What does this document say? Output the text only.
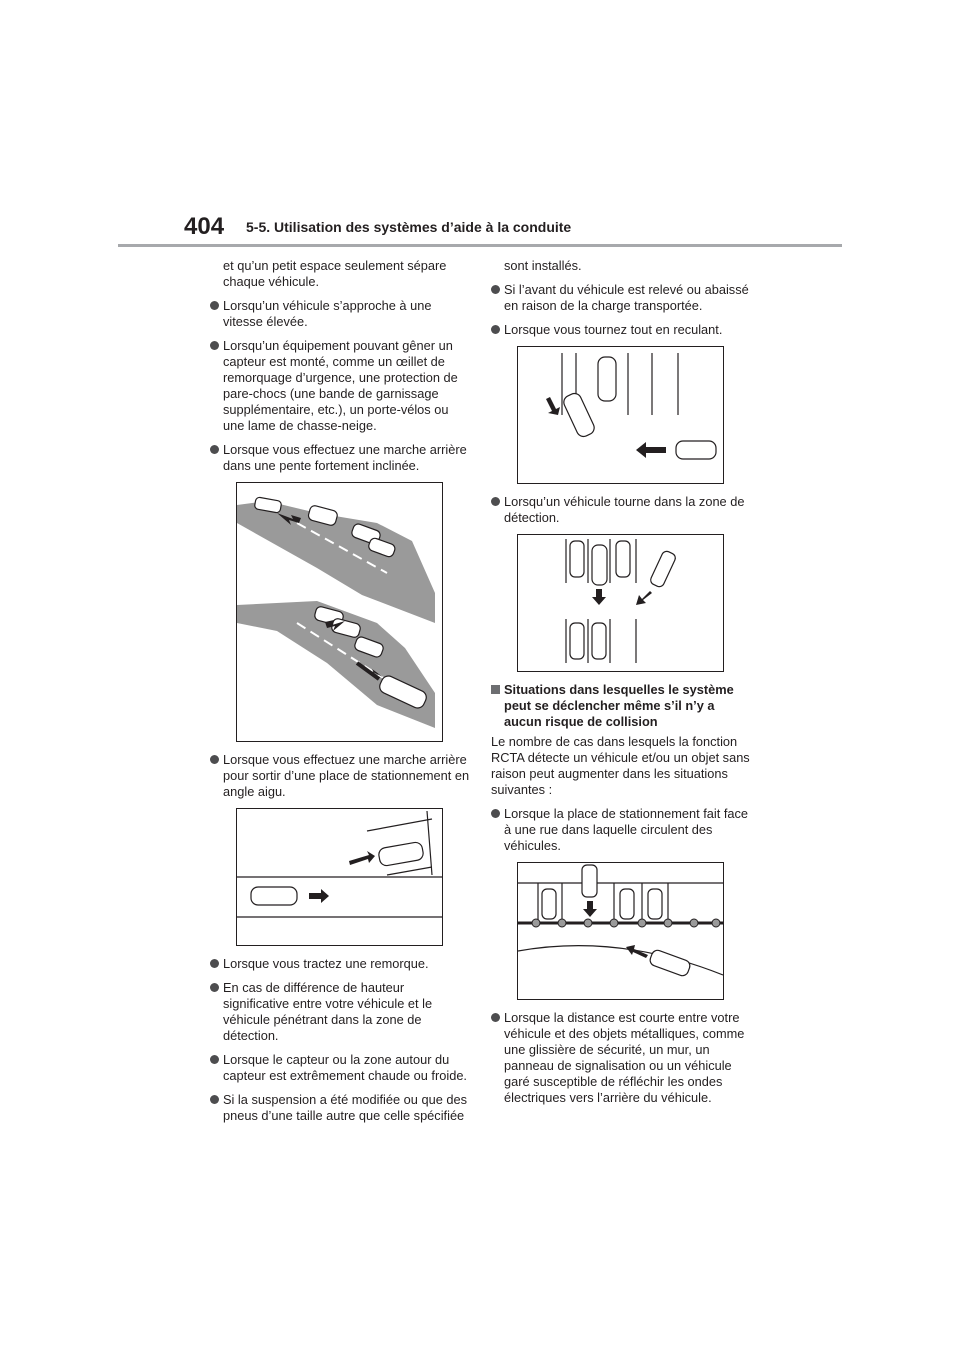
404 5-5. Utilisation des systèmes d’aide à la conduite

et qu’un petit espace seulement sépare chaque véhicule.

Lorsqu’un véhicule s’approche à une vitesse élevée.
Lorsqu’un équipement pouvant gêner un capteur est monté, comme un œillet de remorquage d’urgence, une protection de pare-chocs (une bande de garnissage supplémentaire, etc.), un porte-vélos ou une lame de chasse-neige.
Lorsque vous effectuez une marche arrière dans une pente fortement inclinée.
Lorsque vous effectuez une marche arrière pour sortir d’une place de stationnement en angle aigu.
Lorsque vous tractez une remorque.
En cas de différence de hauteur significative entre votre véhicule et le véhicule pénétrant dans la zone de détection.
Lorsque le capteur ou la zone autour du capteur est extrêmement chaude ou froide.
Si la suspension a été modifiée ou que des pneus d’une taille autre que celle spécifiée

sont installés.

Si l’avant du véhicule est relevé ou abaissé en raison de la charge transportée.
Lorsque vous tournez tout en reculant.
Lorsqu’un véhicule tourne dans la zone de détection.
Situations dans lesquelles le système peut se déclencher même s’il n’y a aucun risque de collision

Le nombre de cas dans lesquels la fonction RCTA détecte un véhicule et/ou un objet sans raison peut augmenter dans les situations suivantes :

Lorsque la place de stationnement fait face à une rue dans laquelle circulent des véhicules.
Lorsque la distance est courte entre votre véhicule et des objets métalliques, comme une glissière de sécurité, un mur, un panneau de signalisation ou un véhicule garé susceptible de réfléchir les ondes électriques vers l’arrière du véhicule.
